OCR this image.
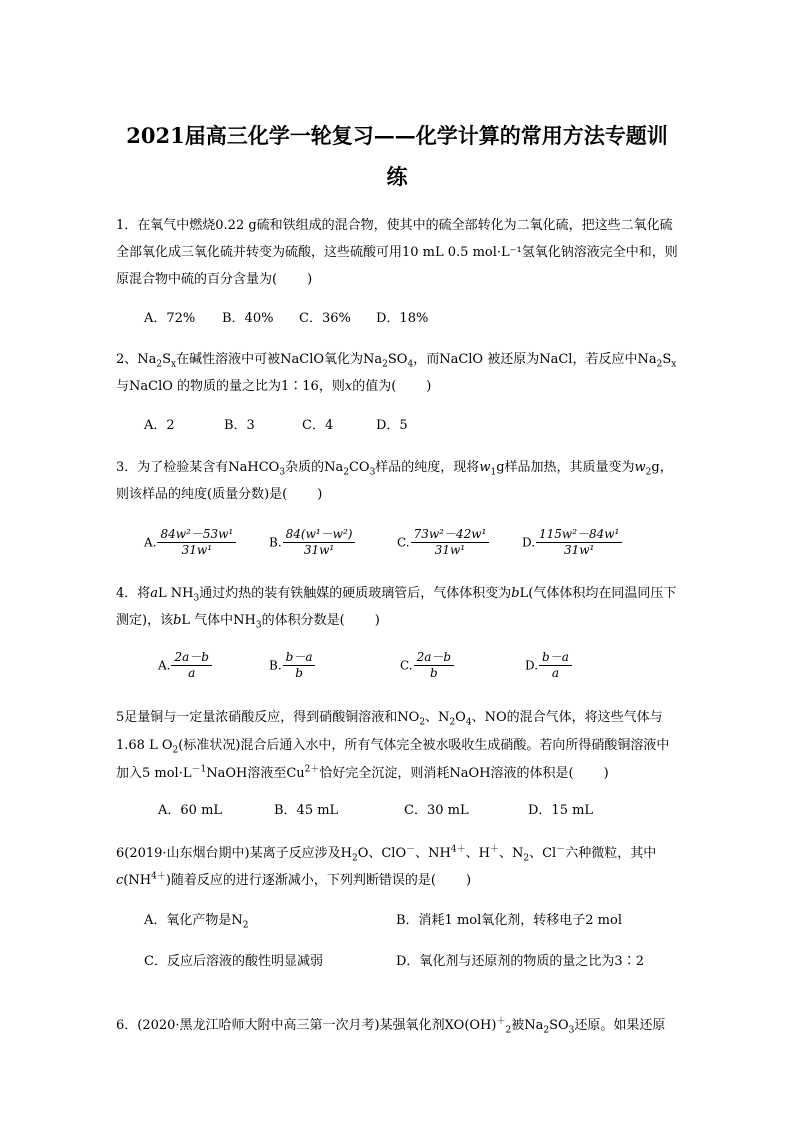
2021届高三化学一轮复习——化学计算的常用方法专题训
练

1．在氧气中燃烧0.22 g硫和铁组成的混合物，使其中的硫全部转化为二氧化硫，把这些二氧化硫全部氧化成三氧化硫并转变为硫酸，这些硫酸可用10 mL 0.5 mol·L⁻¹氢氧化钠溶液完全中和，则原混合物中硫的百分含量为( )

A．72% B．40% C．36% D．18%

2、$Na_2S_x$在碱性溶液中可被NaClO氧化为$Na_2SO_4$，而NaClO 被还原为NaCl，若反应中$Na_2S_x$与NaClO 的物质的量之比为1∶16，则x的值为( )

A．2	B．3	C．4	D．5

3．为了检验某含有NaHCO$_3$杂质的$Na_2CO_3$样品的纯度，现将$w_1g$样品加热，其质量变为$w_2g$，则该样品的纯度(质量分数)是( )

A. $\frac{\text{84w²－53w¹}}{\text{31w¹}}$	B. $\frac{\text{84(w¹－w²)}}{\text{31w¹}}$	C. $\frac{\text{73w²－42w¹}}{\text{31w¹}}$	D. $\frac{\text{115w²－84w¹}}{\text{31w¹}}$

4．将aL $NH_3$通过灼热的装有铁触媒的硬质玻璃管后，气体体积变为bL(气体体积均在同温同压下测定)，该bL 气体中$NH_3$的体积分数是( )

A. $\frac{2a-b}{a}$	B. $\frac{b-a}{b}$	C. $\frac{2a-b}{b}$	D. $\frac{b-a}{a}$

5足量铜与一定量浓硝酸反应，得到硝酸铜溶液和$NO_2$、$N_2O_4$、NO的混合气体，将这些气体与1.68 L $O_2$(标准状况)混合后通入水中，所有气体完全被水吸收生成硝酸。若向所得硝酸铜溶液中加入5 $mol\cdot L^{-1}NaOH$溶液至$Cu^{2+}$恰好完全沉淀，则消耗NaOH溶液的体积是( )

A．60 mL	B．45 mL	C．30 mL	D．15 mL

6(2019·山东烟台期中)某离子反应涉及$H_2O$、ClO－、$NH^{4+}$、H＋、$N_2$、Cl－六种微粒，其中$c(NH^{4+})$随着反应的进行逐渐减小，下列判断错误的是( )

A．氧化产物是$N_2$	B．消耗1 mol氧化剂，转移电子2 mol
C．反应后溶液的酸性明显减弱	D．氧化剂与还原剂的物质的量之比为3∶2

6．(2020·黑龙江哈师大附中高三第一次月考)某强氧化剂$XO(OH)^+_2$被$Na_2SO_3$还原。如果还原
